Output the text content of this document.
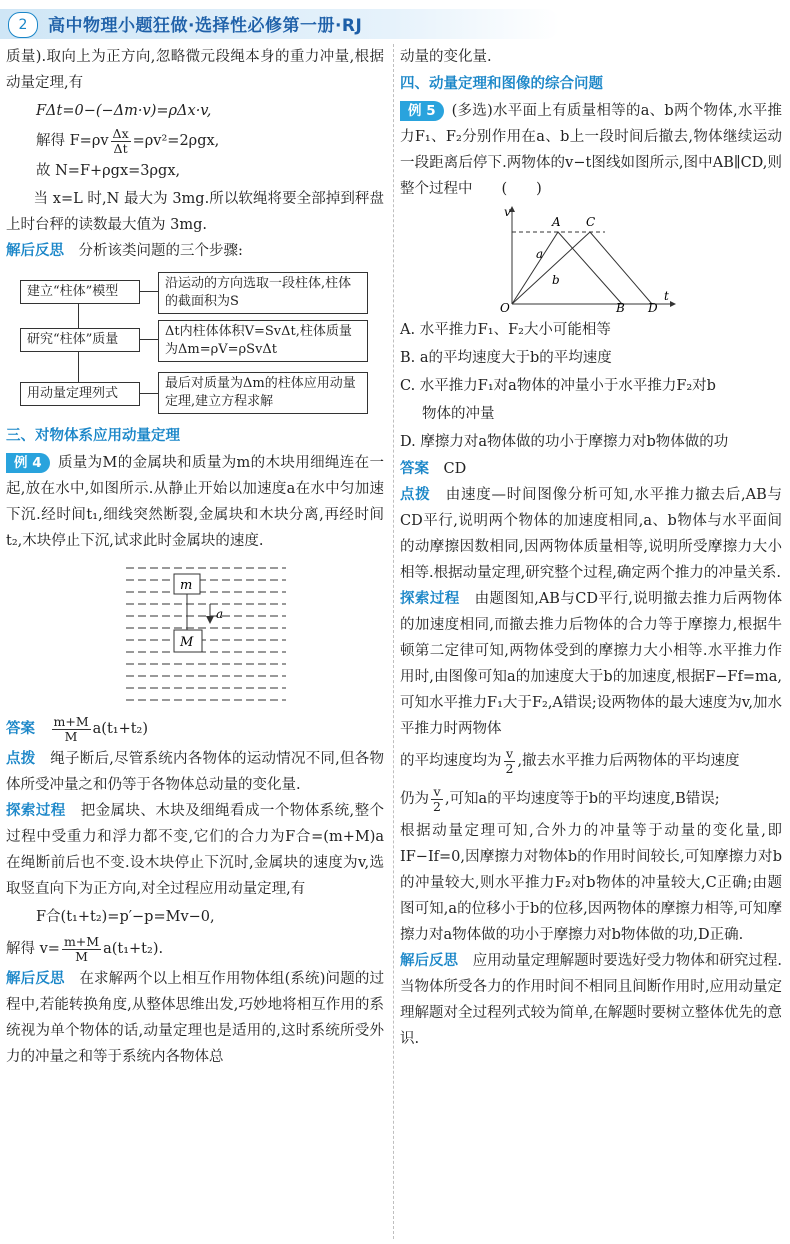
2	高中物理小题狂做·选择性必修第一册·RJ

质量).取向上为正方向,忽略微元段绳本身的重力冲量,根据动量定理,有

FΔt=0−(−Δm·v)=ρΔx·v,
解得 $F=\rho v \frac{\Delta x}{\Delta t} =\rho v^2=2\rho gx$,
故 N=F+ρgx=3ρgx,

当 x=L 时,N 最大为 3mg.所以软绳将要全部掉到秤盘上时台秤的读数最大值为 3mg.

解后反思　 分析该类问题的三个步骤:

建立“柱体”模型
沿运动的方向选取一段柱体,柱体的截面积为S
研究“柱体”质量
Δt内柱体体积V=SvΔt,柱体质量为Δm=ρV=ρSvΔt
用动量定理列式
最后对质量为Δm的柱体应用动量定理,建立方程求解
三、对物体系应用动量定理

例 4 质量为M的金属块和质量为m的木块用细绳连在一起,放在水中,如图所示.从静止开始以加速度a在水中匀加速下沉.经时间t₁,细线突然断裂,金属块和木块分离,再经时间t₂,木块停止下沉,试求此时金属块的速度.

m
M
a

答案　 $\frac{m+M}{M} a(t_1+t_2)$

点拨　 绳子断后,尽管系统内各物体的运动情况不同,但各物体所受冲量之和仍等于各物体总动量的变化量.

探索过程　 把金属块、木块及细绳看成一个物体系统,整个过程中受重力和浮力都不变,它们的合力为F合=(m+M)a 在绳断前后也不变.设木块停止下沉时,金属块的速度为v,选取竖直向下为正方向,对全过程应用动量定理,有

F合(t₁+t₂)=p′−p=Mv−0,
解得 $v= \frac{m+M}{M} a(t_1+t_2)$.

解后反思　 在求解两个以上相互作用物体组(系统)问题的过程中,若能转换角度,从整体思维出发,巧妙地将相互作用的系统视为单个物体的话,动量定理也是适用的,这时系统所受外力的冲量之和等于系统内各物体总

动量的变化量.

四、动量定理和图像的综合问题

例 5 (多选)水平面上有质量相等的a、b两个物体,水平推力F₁、F₂分别作用在a、b上一段时间后撤去,物体继续运动一段距离后停下.两物体的v−t图线如图所示,图中AB∥CD,则整个过程中　　 (　　)

v
t
O
A
B
C
D
a
b
A. 水平推力F₁、F₂大小可能相等
B. a的平均速度大于b的平均速度
C. 水平推力F₁对a物体的冲量小于水平推力F₂对b
物体的冲量
D. 摩擦力对a物体做的功小于摩擦力对b物体做的功

答案　 CD

点拨　 由速度—时间图像分析可知,水平推力撤去后,AB与CD平行,说明两个物体的加速度相同,a、b物体与水平面间的动摩擦因数相同,因两物体质量相等,说明所受摩擦力大小相等.根据动量定理,研究整个过程,确定两个推力的冲量关系.

探索过程　 由题图知,AB与CD平行,说明撤去推力后两物体的加速度相同,而撤去推力后物体的合力等于摩擦力,根据牛顿第二定律可知,两物体受到的摩擦力大小相等.水平推力作用时,由图像可知a的加速度大于b的加速度,根据F−Ff=ma,可知水平推力F₁大于F₂,A错误;设两物体的最大速度为v,加水平推力时两物体

的平均速度均为 $\frac{v}{2}$ ,撤去水平推力后两物体的平均速度

仍为 $\frac{v}{2}$ ,可知a的平均速度等于b的平均速度,B错误;

根据动量定理可知,合外力的冲量等于动量的变化量,即IF−If=0,因摩擦力对物体b的作用时间较长,可知摩擦力对b的冲量较大,则水平推力F₂对b物体的冲量较大,C正确;由题图可知,a的位移小于b的位移,因两物体的摩擦力相等,可知摩擦力对a物体做的功小于摩擦力对b物体做的功,D正确.

解后反思　 应用动量定理解题时要选好受力物体和研究过程.当物体所受各力的作用时间不相同且间断作用时,应用动量定理解题对全过程列式较为简单,在解题时要树立整体优先的意识.
